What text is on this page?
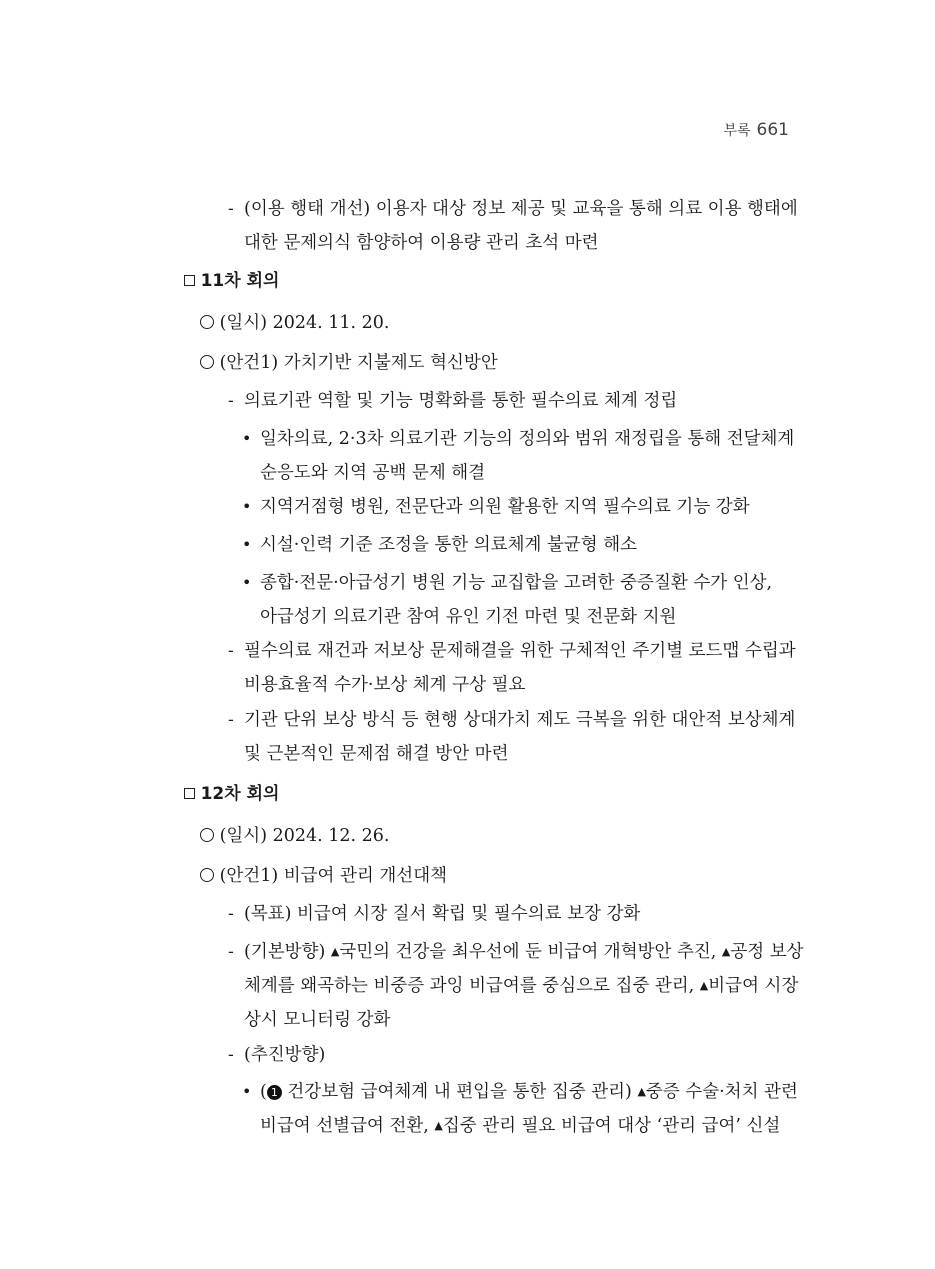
부록 661
- (이용 행태 개선) 이용자 대상 정보 제공 및 교육을 통해 의료 이용 행태에
대한 문제의식 함양하여 이용량 관리 초석 마련
11차 회의
(일시) 2024. 11. 20.
(안건1) 가치기반 지불제도 혁신방안
- 의료기관 역할 및 기능 명확화를 통한 필수의료 체계 정립
• 일차의료, 2·3차 의료기관 기능의 정의와 범위 재정립을 통해 전달체계
순응도와 지역 공백 문제 해결
• 지역거점형 병원, 전문단과 의원 활용한 지역 필수의료 기능 강화
• 시설·인력 기준 조정을 통한 의료체계 불균형 해소
• 종합·전문·아급성기 병원 기능 교집합을 고려한 중증질환 수가 인상,
아급성기 의료기관 참여 유인 기전 마련 및 전문화 지원
- 필수의료 재건과 저보상 문제해결을 위한 구체적인 주기별 로드맵 수립과
비용효율적 수가·보상 체계 구상 필요
- 기관 단위 보상 방식 등 현행 상대가치 제도 극복을 위한 대안적 보상체계
및 근본적인 문제점 해결 방안 마련
12차 회의
(일시) 2024. 12. 26.
(안건1) 비급여 관리 개선대책
- (목표) 비급여 시장 질서 확립 및 필수의료 보장 강화
- (기본방향) ▲국민의 건강을 최우선에 둔 비급여 개혁방안 추진, ▲공정 보상
체계를 왜곡하는 비중증 과잉 비급여를 중심으로 집중 관리, ▲비급여 시장
상시 모니터링 강화
- (추진방향)
• ( 1 건강보험 급여체계 내 편입을 통한 집중 관리) ▲중증 수술·처치 관련
비급여 선별급여 전환, ▲집중 관리 필요 비급여 대상 ‘관리 급여’ 신설
